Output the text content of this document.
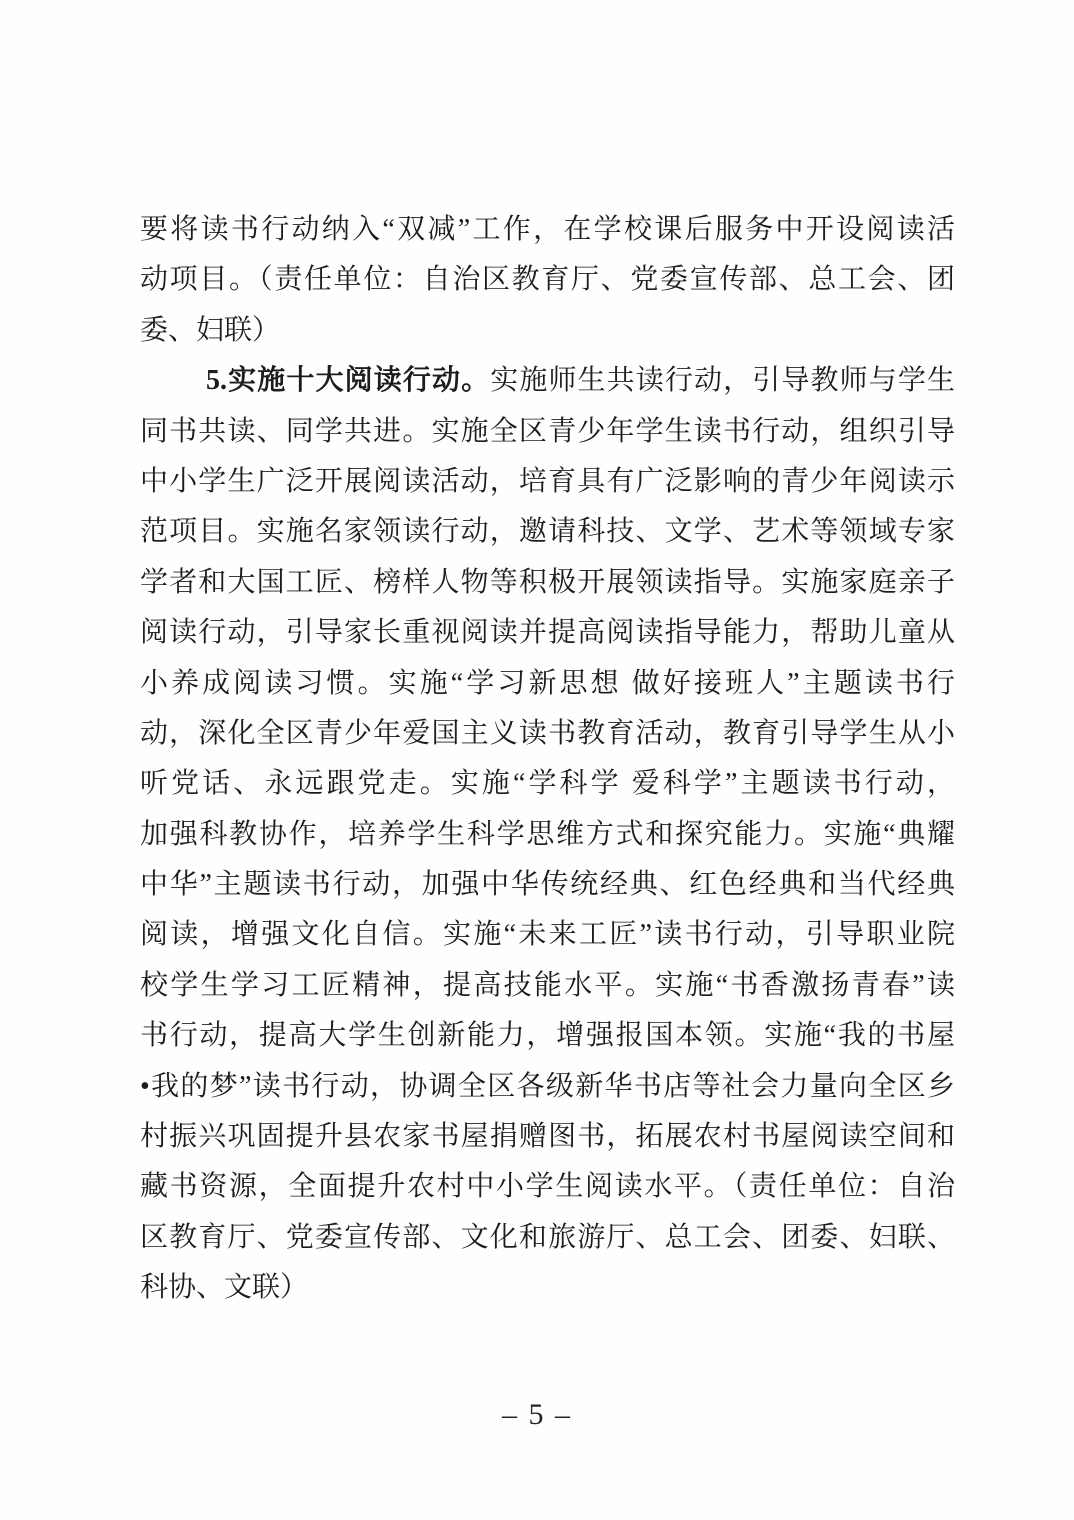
要将读书行动纳入“双减”工作，在学校课后服务中开设阅读活
动项目。（责任单位：自治区教育厅、党委宣传部、总工会、团
委、妇联）
5.实施十大阅读行动。实施师生共读行动，引导教师与学生
同书共读、同学共进。实施全区青少年学生读书行动，组织引导
中小学生广泛开展阅读活动，培育具有广泛影响的青少年阅读示
范项目。实施名家领读行动，邀请科技、文学、艺术等领域专家
学者和大国工匠、榜样人物等积极开展领读指导。实施家庭亲子
阅读行动，引导家长重视阅读并提高阅读指导能力，帮助儿童从
小养成阅读习惯。实施“学习新思想 做好接班人”主题读书行
动，深化全区青少年爱国主义读书教育活动，教育引导学生从小
听党话、永远跟党走。实施“学科学 爱科学”主题读书行动，
加强科教协作，培养学生科学思维方式和探究能力。实施“典耀
中华”主题读书行动，加强中华传统经典、红色经典和当代经典
阅读，增强文化自信。实施“未来工匠”读书行动，引导职业院
校学生学习工匠精神，提高技能水平。实施“书香激扬青春”读
书行动，提高大学生创新能力，增强报国本领。实施“我的书屋
•我的梦”读书行动，协调全区各级新华书店等社会力量向全区乡
村振兴巩固提升县农家书屋捐赠图书，拓展农村书屋阅读空间和
藏书资源，全面提升农村中小学生阅读水平。（责任单位：自治
区教育厅、党委宣传部、文化和旅游厅、总工会、团委、妇联、
科协、文联）
– 5 –
